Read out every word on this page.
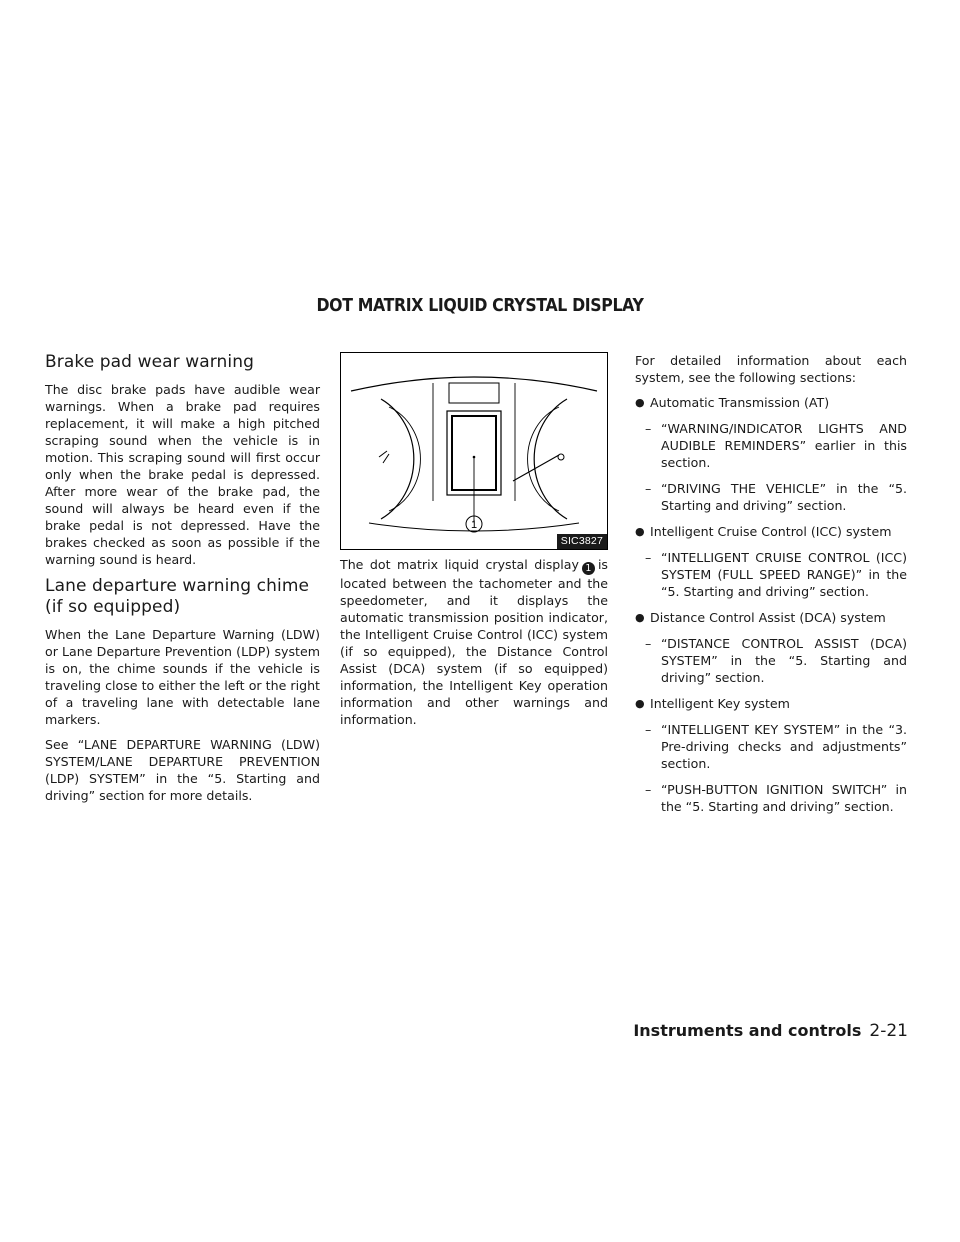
DOT MATRIX LIQUID CRYSTAL DISPLAY
Brake pad wear warning

The disc brake pads have audible wear warnings. When a brake pad requires replacement, it will make a high pitched scraping sound when the vehicle is in motion. This scraping sound will first occur only when the brake pedal is depressed. After more wear of the brake pad, the sound will always be heard even if the brake pedal is not depressed. Have the brakes checked as soon as possible if the warning sound is heard.

Lane departure warning chime (if so equipped)

When the Lane Departure Warning (LDW) or Lane Departure Prevention (LDP) system is on, the chime sounds if the vehicle is traveling close to either the left or the right of a traveling lane with detectable lane markers.

See “LANE DEPARTURE WARNING (LDW) SYSTEM/LANE DEPARTURE PREVENTION (LDP) SYSTEM” in the “5. Starting and driving” section for more details.

1
SIC3827

The dot matrix liquid crystal display 1 is located between the tachometer and the speedometer, and it displays the automatic transmission position indicator, the Intelligent Cruise Control (ICC) system (if so equipped), the Distance Control Assist (DCA) system (if so equipped) information, the Intelligent Key operation information and other warnings and information.

For detailed information about each system, see the following sections:

● Automatic Transmission (AT)
– “WARNING/INDICATOR LIGHTS AND AUDIBLE REMINDERS” earlier in this section.
– “DRIVING THE VEHICLE” in the “5. Starting and driving” section.
● Intelligent Cruise Control (ICC) system
– “INTELLIGENT CRUISE CONTROL (ICC) SYSTEM (FULL SPEED RANGE)” in the “5. Starting and driving” section.
● Distance Control Assist (DCA) system
– “DISTANCE CONTROL ASSIST (DCA) SYSTEM” in the “5. Starting and driving” section.
● Intelligent Key system
– “INTELLIGENT KEY SYSTEM” in the “3. Pre-driving checks and adjustments” section.
– “PUSH-BUTTON IGNITION SWITCH” in the “5. Starting and driving” section.
Instruments and controls 2-21
